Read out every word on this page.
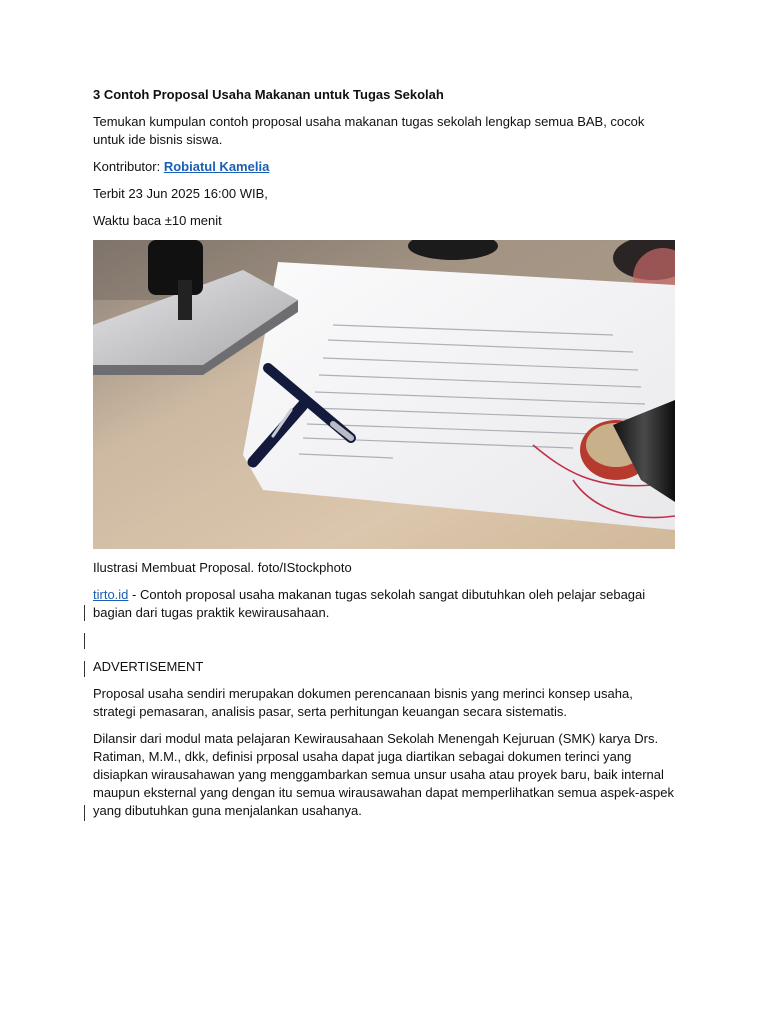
3 Contoh Proposal Usaha Makanan untuk Tugas Sekolah

Temukan kumpulan contoh proposal usaha makanan tugas sekolah lengkap semua BAB, cocok untuk ide bisnis siswa.

Kontributor: Robiatul Kamelia

Terbit 23 Jun 2025 16:00 WIB,

Waktu baca ±10 menit

Ilustrasi Membuat Proposal. foto/IStockphoto

tirto.id - Contoh proposal usaha makanan tugas sekolah sangat dibutuhkan oleh pelajar sebagai bagian dari tugas praktik kewirausahaan.

ADVERTISEMENT

Proposal usaha sendiri merupakan dokumen perencanaan bisnis yang merinci konsep usaha, strategi pemasaran, analisis pasar, serta perhitungan keuangan secara sistematis.

Dilansir dari modul mata pelajaran Kewirausahaan Sekolah Menengah Kejuruan (SMK) karya Drs. Ratiman, M.M., dkk, definisi prposal usaha dapat juga diartikan sebagai dokumen terinci yang disiapkan wirausahawan yang menggambarkan semua unsur usaha atau proyek baru, baik internal maupun eksternal yang dengan itu semua wirausawahan dapat memperlihatkan semua aspek-aspek yang dibutuhkan guna menjalankan usahanya.
